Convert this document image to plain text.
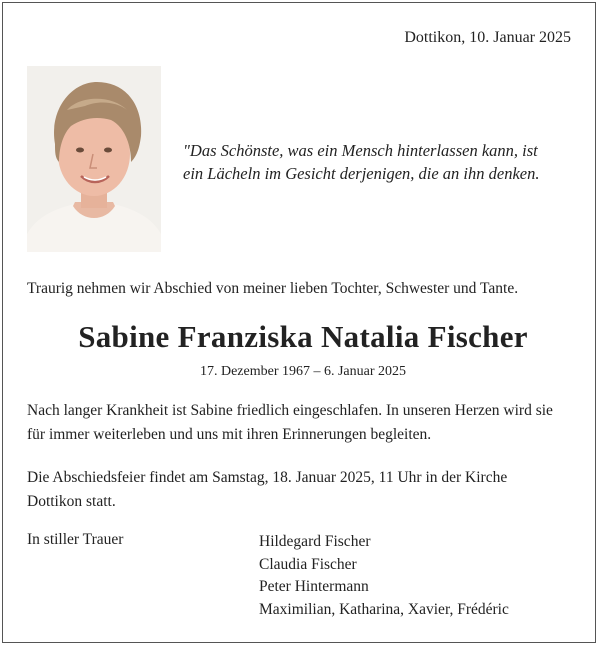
Dottikon, 10. Januar 2025
"Das Schönste, was ein Mensch hinterlassen kann, ist
ein Lächeln im Gesicht derjenigen, die an ihn denken.
Traurig nehmen wir Abschied von meiner lieben Tochter, Schwester und Tante.
Sabine Franziska Natalia Fischer
17. Dezember 1967 – 6. Januar 2025
Nach langer Krankheit ist Sabine friedlich eingeschlafen. In unseren Herzen wird sie
für immer weiterleben und uns mit ihren Erinnerungen begleiten.
Die Abschiedsfeier findet am Samstag, 18. Januar 2025, 11 Uhr in der Kirche
Dottikon statt.
In stiller Trauer	Hildegard Fischer
Claudia Fischer
Peter Hintermann
Maximilian, Katharina, Xavier, Frédéric
